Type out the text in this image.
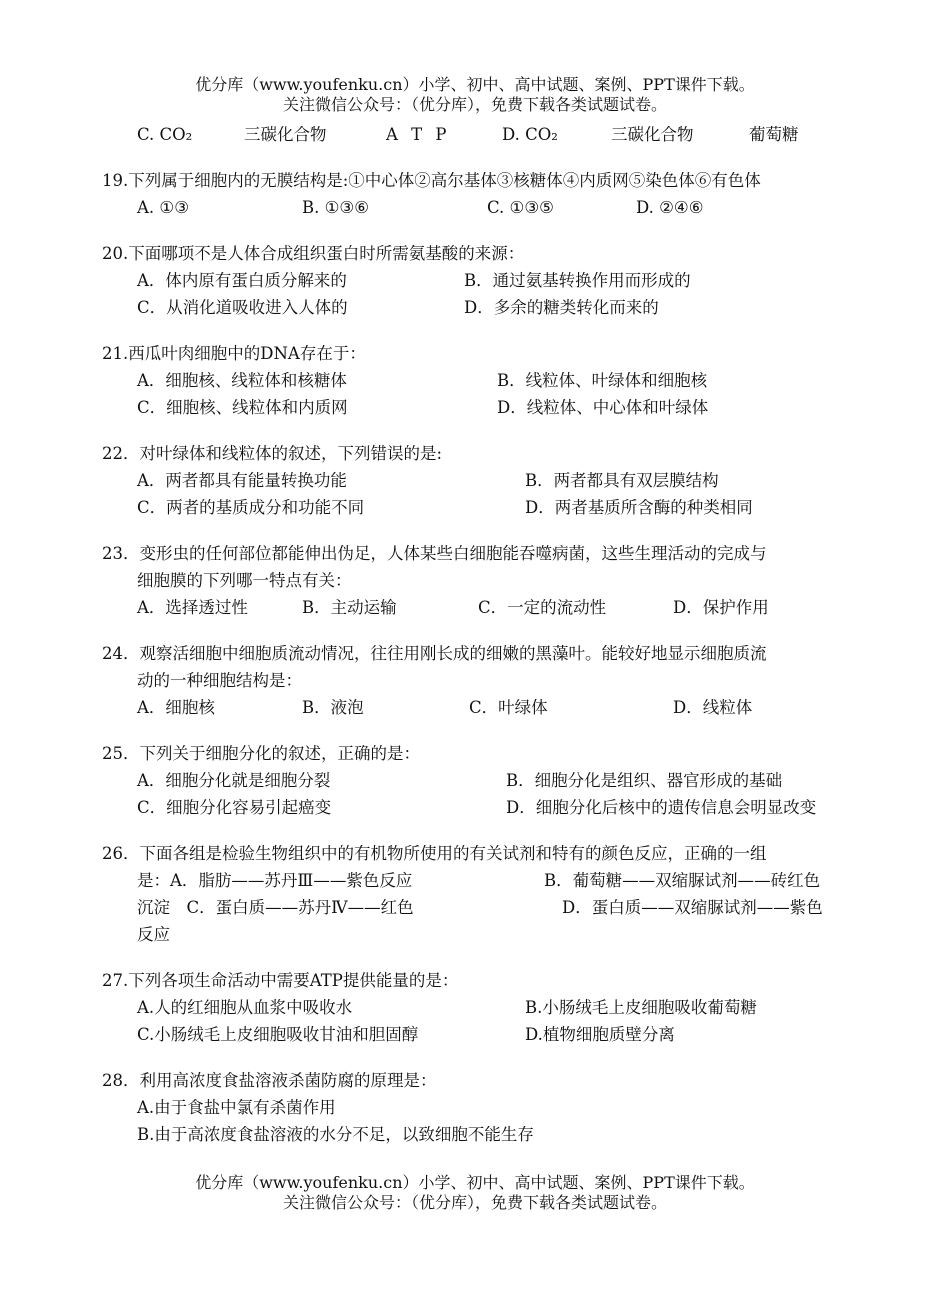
优分库（www.youfenku.cn）小学、初中、高中试题、案例、PPT课件下载。
关注微信公众号：（优分库），免费下载各类试题试卷。
C. CO₂	三碳化合物	A T P	D. CO₂	三碳化合物	葡萄糖
19.下列属于细胞内的无膜结构是:①中心体②高尔基体③核糖体④内质网⑤染色体⑥有色体
A. ①③	B. ①③⑥	C. ①③⑤	D. ②④⑥
20.下面哪项不是人体合成组织蛋白时所需氨基酸的来源：
A．体内原有蛋白质分解来的	B．通过氨基转换作用而形成的
C．从消化道吸收进入人体的	D．多余的糖类转化而来的
21.西瓜叶肉细胞中的DNA存在于：
A．细胞核、线粒体和核糖体	B．线粒体、叶绿体和细胞核
C．细胞核、线粒体和内质网	D．线粒体、中心体和叶绿体
22．对叶绿体和线粒体的叙述，下列错误的是:
A．两者都具有能量转换功能	B．两者都具有双层膜结构
C．两者的基质成分和功能不同	D．两者基质所含酶的种类相同
23．变形虫的任何部位都能伸出伪足，人体某些白细胞能吞噬病菌，这些生理活动的完成与
细胞膜的下列哪一特点有关：
A．选择透过性	B．主动运输	C．一定的流动性	D．保护作用
24．观察活细胞中细胞质流动情况，往往用刚长成的细嫩的黑藻叶。能较好地显示细胞质流
动的一种细胞结构是：
A．细胞核	B．液泡	C．叶绿体	D．线粒体
25．下列关于细胞分化的叙述，正确的是：
A．细胞分化就是细胞分裂	B．细胞分化是组织、器官形成的基础
C．细胞分化容易引起癌变	D．细胞分化后核中的遗传信息会明显改变
26．下面各组是检验生物组织中的有机物所使用的有关试剂和特有的颜色反应，正确的一组
是：A．脂肪——苏丹Ⅲ——紫色反应	B．葡萄糖——双缩脲试剂——砖红色
沉淀　C．蛋白质——苏丹Ⅳ——红色	D．蛋白质——双缩脲试剂——紫色
反应
27.下列各项生命活动中需要ATP提供能量的是：
A.人的红细胞从血浆中吸收水	B.小肠绒毛上皮细胞吸收葡萄糖
C.小肠绒毛上皮细胞吸收甘油和胆固醇	D.植物细胞质壁分离
28．利用高浓度食盐溶液杀菌防腐的原理是：
A.由于食盐中氯有杀菌作用
B.由于高浓度食盐溶液的水分不足，以致细胞不能生存
优分库（www.youfenku.cn）小学、初中、高中试题、案例、PPT课件下载。
关注微信公众号：（优分库），免费下载各类试题试卷。
